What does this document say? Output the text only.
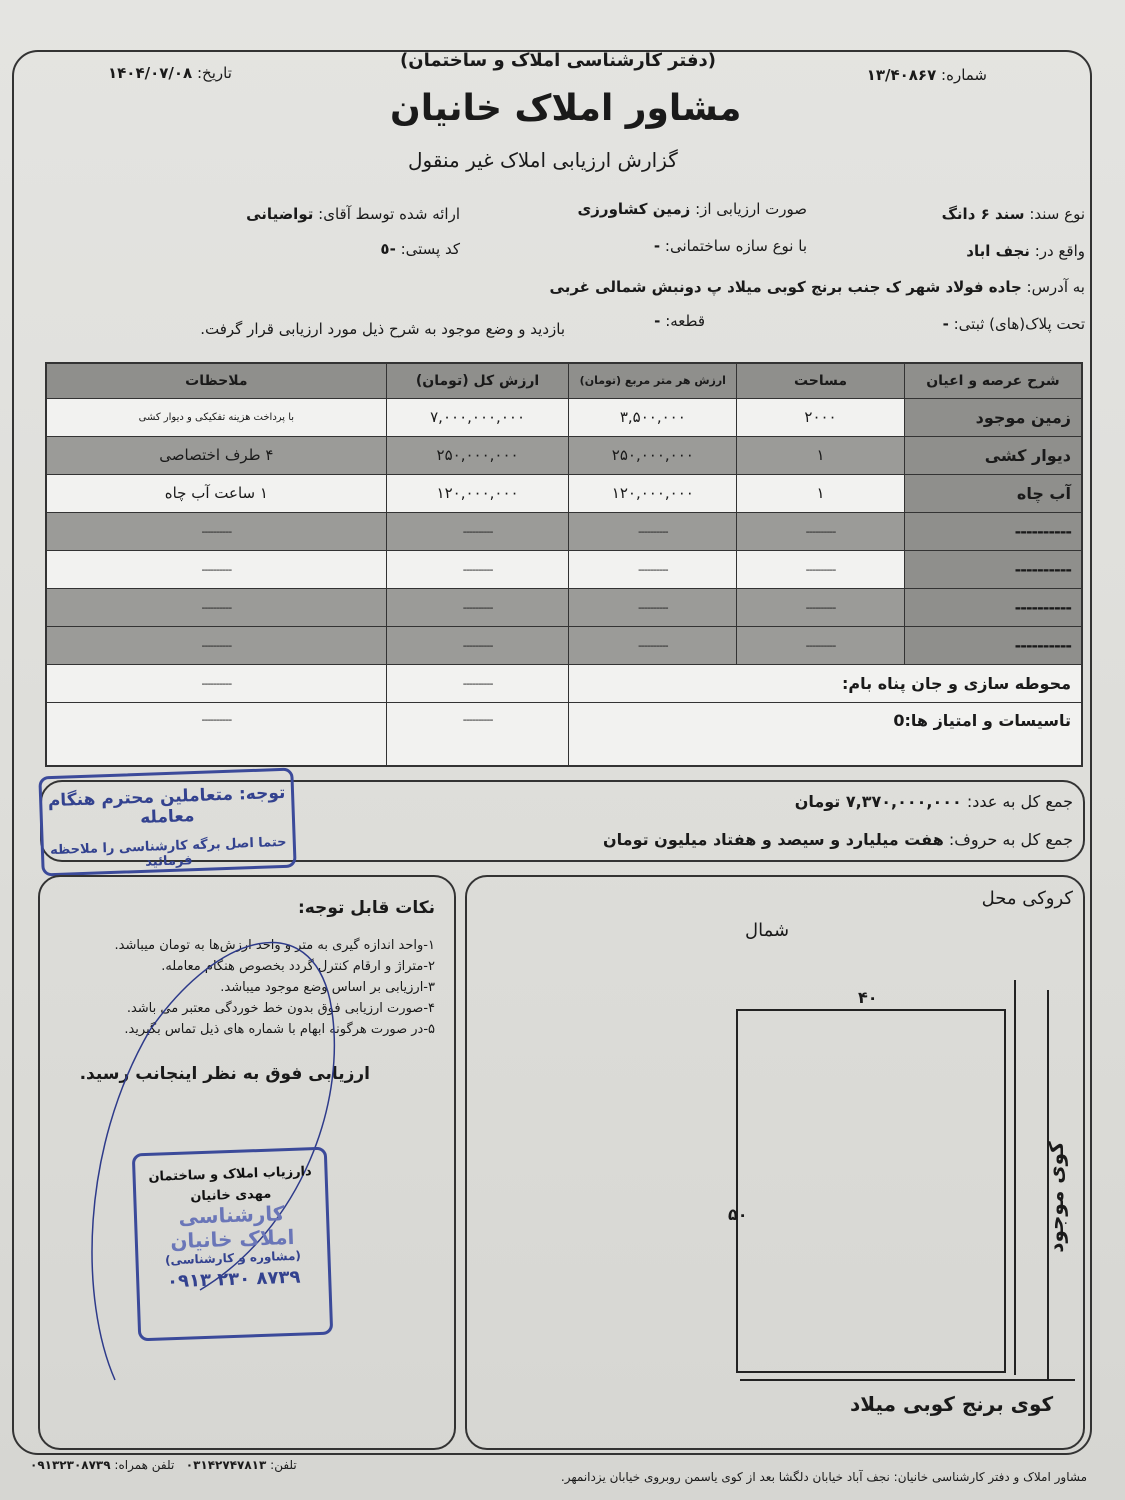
(دفتر کارشناسی املاک و ساختمان)
شماره: ۱۳/۴۰۸۶۷
تاریخ: ۱۴۰۴/۰۷/۰۸
مشاور املاک خانیان
گزارش ارزیابی املاک غیر منقول
نوع سند: سند ۶ دانگ
صورت ارزیابی از: زمین کشاورزی
ارائه شده توسط آقای: تواضیانی
واقع در: نجف اباد
با نوع سازه ساختمانی: -
کد پستی: -٥
به آدرس: جاده فولاد شهر ک جنب برنج کوبی میلاد پ دونبش شمالی غربی
تحت پلاک(های) ثبتی: -
قطعه: -
بازدید و وضع موجود به شرح ذیل مورد ارزیابی قرار گرفت.
شرح عرصه و اعیان	مساحت	ارزش هر متر مربع (تومان)	ارزش کل (تومان)	ملاحظات
زمین موجود	۲۰۰۰	۳,۵۰۰,۰۰۰	۷,۰۰۰,۰۰۰,۰۰۰	با پرداخت هزینه تفکیکی و دیوار کشی
دیوار کشی	۱	۲۵۰,۰۰۰,۰۰۰	۲۵۰,۰۰۰,۰۰۰	۴ طرف اختصاصی
آب چاه	۱	۱۲۰,۰۰۰,۰۰۰	۱۲۰,۰۰۰,۰۰۰	۱ ساعت آب چاه
----------	----------	----------	----------	----------
----------	----------	----------	----------	----------
----------	----------	----------	----------	----------
----------	----------	----------	----------	----------
محوطه سازی و جان پناه بام:			----------	----------
تاسیسات و امتیاز ها:0			----------	----------
جمع کل به عدد: ۷,۳۷۰,۰۰۰,۰۰۰ تومان
جمع کل به حروف: هفت میلیارد و سیصد و هفتاد میلیون تومان
توجه: متعاملین محترم هنگام معامله
حتما اصل برگه کارشناسی را ملاحظه فرمائید
نکات قابل توجه:
۱-واحد اندازه گیری به متر و واحد ارزش‌ها به تومان میباشد.
۲-متراژ و ارقام کنترل گردد بخصوص هنگام معامله.
۳-ارزیابی بر اساس وضع موجود میباشد.
۴-صورت ارزیابی فوق بدون خط خوردگی معتبر می باشد.
۵-در صورت هرگونه ابهام با شماره های ذیل تماس بگیرید.
ارزیابی فوق به نظر اینجانب رسید.
دارزیاب املاک و ساختمان
مهدی خانیان
کارشناسی
املاک خانیان
(مشاوره و کارشناسی)
۰۹۱۳ ۲۳۰ ۸۷۳۹
کروکی محل
شمال
۴۰
۵۰	کوی موجود
کوی برنج کوبی میلاد
مشاور املاک و دفتر کارشناسی خانیان: نجف آباد خیابان دلگشا بعد از کوی یاسمن روبروی خیابان یزدانمهر.
تلفن: ۰۳۱۴۲۷۴۷۸۱۳   تلفن همراه: ۰۹۱۳۲۳۰۸۷۳۹
